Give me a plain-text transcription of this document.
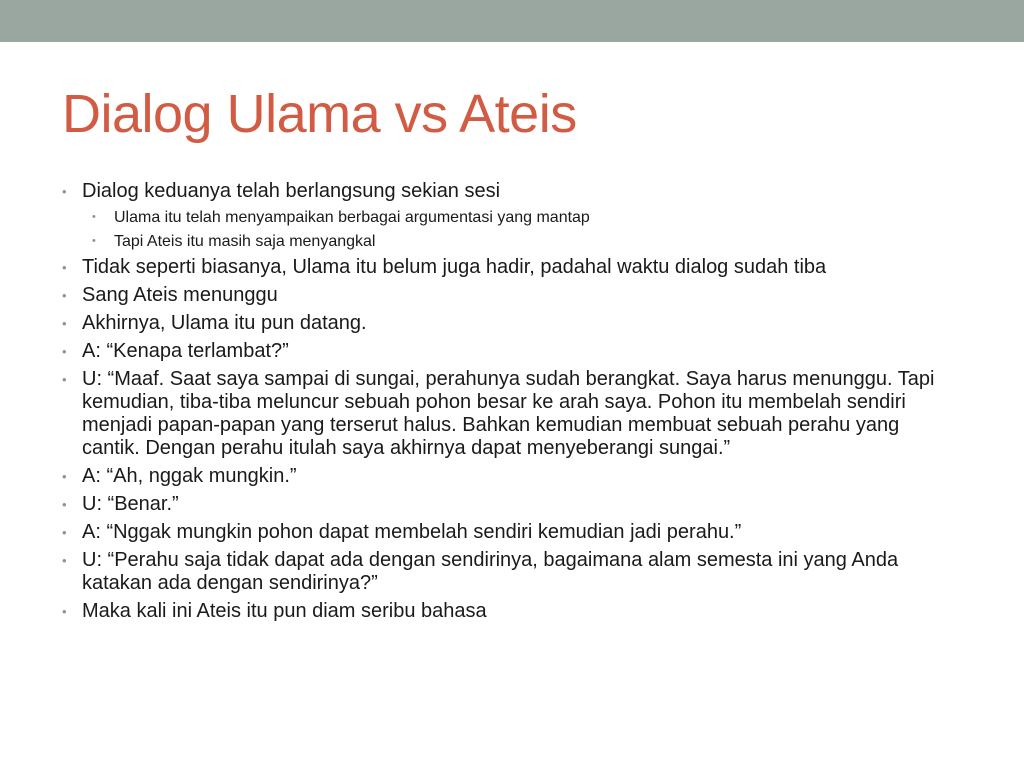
Dialog Ulama vs Ateis
• Dialog keduanya telah berlangsung sekian sesi
• Ulama itu telah menyampaikan berbagai argumentasi yang mantap
• Tapi Ateis itu masih saja menyangkal
• Tidak seperti biasanya, Ulama itu belum juga hadir, padahal waktu dialog sudah tiba
• Sang Ateis menunggu
• Akhirnya, Ulama itu pun datang.
• A: “Kenapa terlambat?”
• U: “Maaf. Saat saya sampai di sungai, perahunya sudah berangkat. Saya harus menunggu. Tapi kemudian, tiba-tiba meluncur sebuah pohon besar ke arah saya. Pohon itu membelah sendiri menjadi papan-papan yang terserut halus. Bahkan kemudian membuat sebuah perahu yang cantik. Dengan perahu itulah saya akhirnya dapat menyeberangi sungai.”
• A: “Ah, nggak mungkin.”
• U: “Benar.”
• A: “Nggak mungkin pohon dapat membelah sendiri kemudian jadi perahu.”
• U: “Perahu saja tidak dapat ada dengan sendirinya, bagaimana alam semesta ini yang Anda katakan ada dengan sendirinya?”
• Maka kali ini Ateis itu pun diam seribu bahasa
